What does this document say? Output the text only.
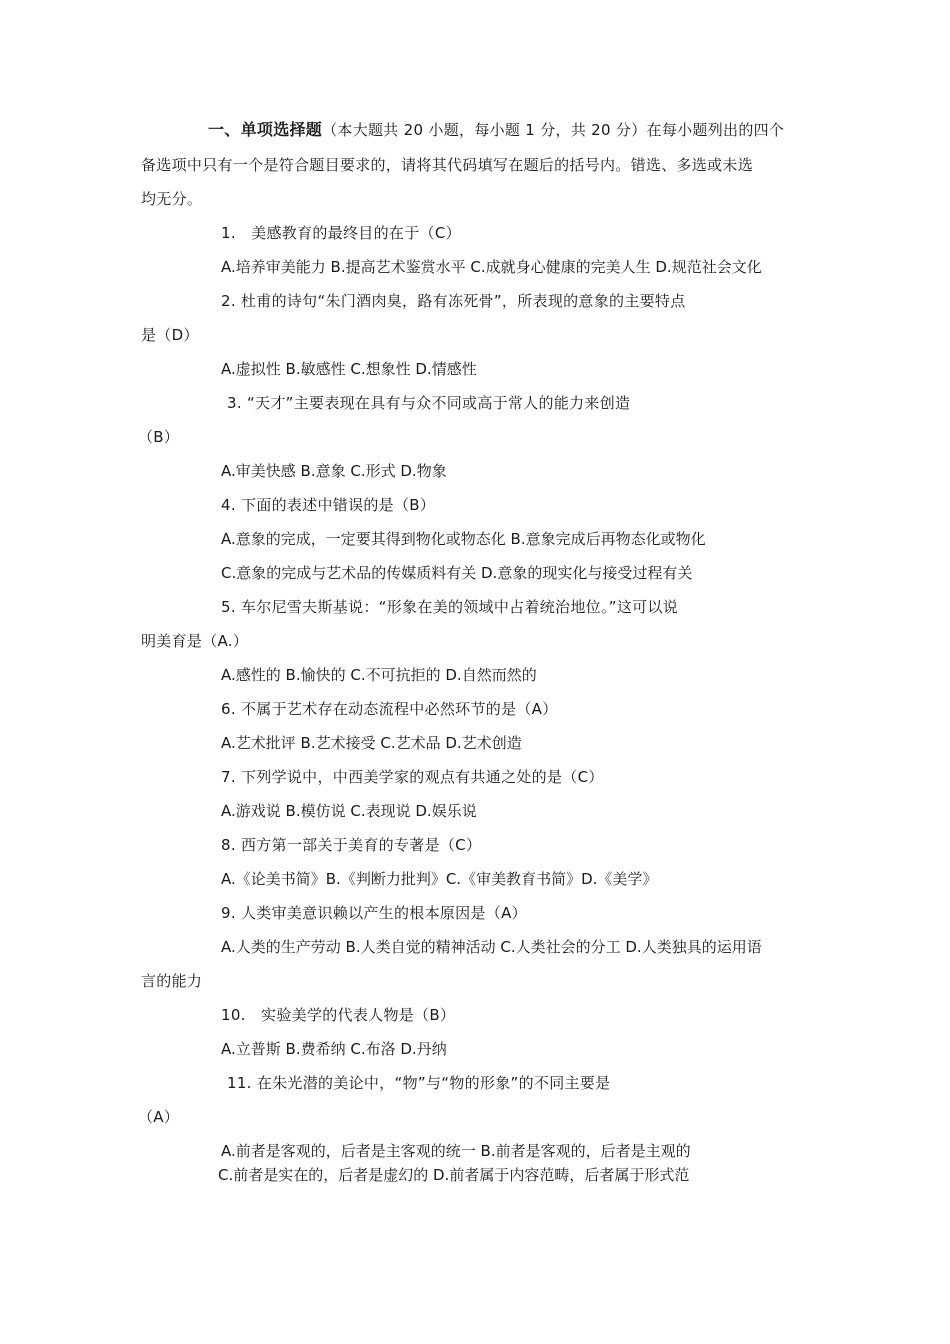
一、单项选择题（本大题共 20 小题，每小题 1 分，共 20 分）在每小题列出的四个
备选项中只有一个是符合题目要求的，请将其代码填写在题后的括号内。错选、多选或未选
均无分。
1.　美感教育的最终目的在于（C）
A.培养审美能力 B.提高艺术鉴赏水平 C.成就身心健康的完美人生 D.规范社会文化
2. 杜甫的诗句“朱门酒肉臭，路有冻死骨”，所表现的意象的主要特点
是（D）
A.虚拟性 B.敏感性 C.想象性 D.情感性
3. “天才”主要表现在具有与众不同或高于常人的能力来创造
（B）
A.审美快感 B.意象 C.形式 D.物象
4. 下面的表述中错误的是（B）
A.意象的完成，一定要其得到物化或物态化 B.意象完成后再物态化或物化
C.意象的完成与艺术品的传媒质料有关 D.意象的现实化与接受过程有关
5. 车尔尼雪夫斯基说：“形象在美的领域中占着统治地位。”这可以说
明美育是（A.）
A.感性的 B.愉快的 C.不可抗拒的 D.自然而然的
6. 不属于艺术存在动态流程中必然环节的是（A）
A.艺术批评 B.艺术接受 C.艺术品 D.艺术创造
7. 下列学说中，中西美学家的观点有共通之处的是（C）
A.游戏说 B.模仿说 C.表现说 D.娱乐说
8. 西方第一部关于美育的专著是（C）
A.《论美书简》B.《判断力批判》C.《审美教育书简》D.《美学》
9. 人类审美意识赖以产生的根本原因是（A）
A.人类的生产劳动 B.人类自觉的精神活动 C.人类社会的分工 D.人类独具的运用语
言的能力
10.　实验美学的代表人物是（B）
A.立普斯 B.费希纳 C.布洛 D.丹纳
11. 在朱光潜的美论中，“物”与“物的形象”的不同主要是
（A）
A.前者是客观的，后者是主客观的统一 B.前者是客观的，后者是主观的
C.前者是实在的，后者是虚幻的 D.前者属于内容范畴，后者属于形式范
